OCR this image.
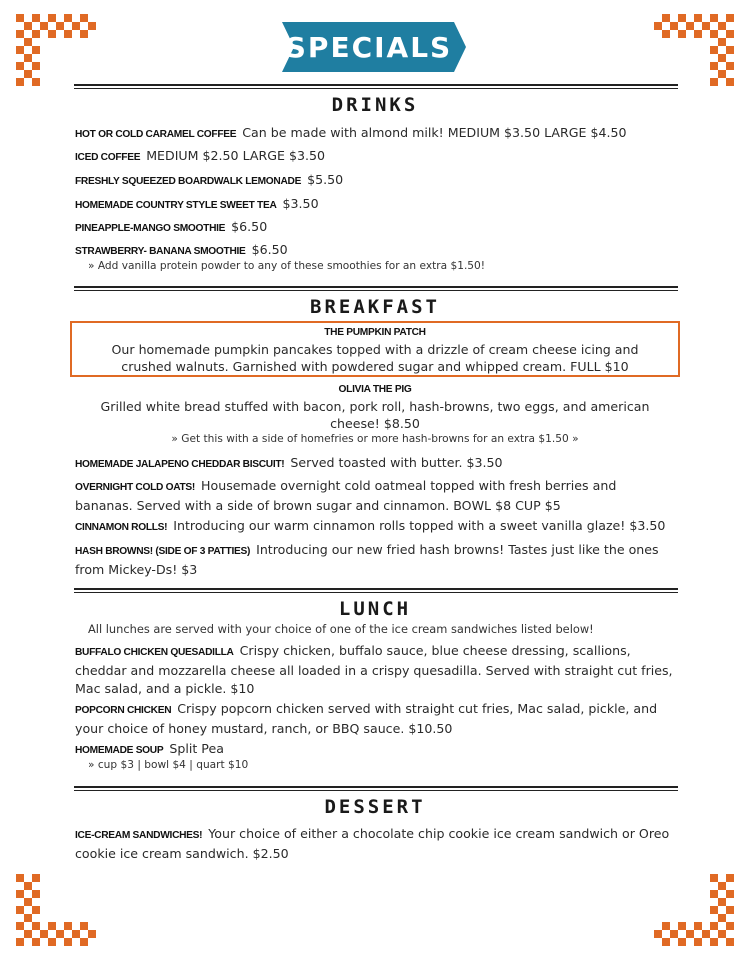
SPECIALS
DRINKS
HOT OR COLD CARAMEL COFFEE Can be made with almond milk! MEDIUM $3.50 LARGE $4.50
ICED COFFEE MEDIUM $2.50 LARGE $3.50
FRESHLY SQUEEZED BOARDWALK LEMONADE $5.50
HOMEMADE COUNTRY STYLE SWEET TEA $3.50
PINEAPPLE-MANGO SMOOTHIE $6.50
STRAWBERRY- BANANA SMOOTHIE $6.50
» Add vanilla protein powder to any of these smoothies for an extra $1.50!
BREAKFAST
THE PUMPKIN PATCH
Our homemade pumpkin pancakes topped with a drizzle of cream cheese icing and crushed walnuts. Garnished with powdered sugar and whipped cream. FULL $10
OLIVIA THE PIG
Grilled white bread stuffed with bacon, pork roll, hash-browns, two eggs, and american cheese! $8.50
» Get this with a side of homefries or more hash-browns for an extra $1.50 »
HOMEMADE JALAPENO CHEDDAR BISCUIT! Served toasted with butter. $3.50
OVERNIGHT COLD OATS! Housemade overnight cold oatmeal topped with fresh berries and bananas. Served with a side of brown sugar and cinnamon. BOWL $8 CUP $5
CINNAMON ROLLS! Introducing our warm cinnamon rolls topped with a sweet vanilla glaze! $3.50
HASH BROWNS! (SIDE OF 3 PATTIES) Introducing our new fried hash browns! Tastes just like the ones from Mickey-Ds! $3
LUNCH
All lunches are served with your choice of one of the ice cream sandwiches listed below!
BUFFALO CHICKEN QUESADILLA Crispy chicken, buffalo sauce, blue cheese dressing, scallions, cheddar and mozzarella cheese all loaded in a crispy quesadilla. Served with straight cut fries, Mac salad, and a pickle. $10
POPCORN CHICKEN Crispy popcorn chicken served with straight cut fries, Mac salad, pickle, and your choice of honey mustard, ranch, or BBQ sauce. $10.50
HOMEMADE SOUP Split Pea
» cup $3 | bowl $4 | quart $10
DESSERT
ICE-CREAM SANDWICHES! Your choice of either a chocolate chip cookie ice cream sandwich or Oreo cookie ice cream sandwich. $2.50
